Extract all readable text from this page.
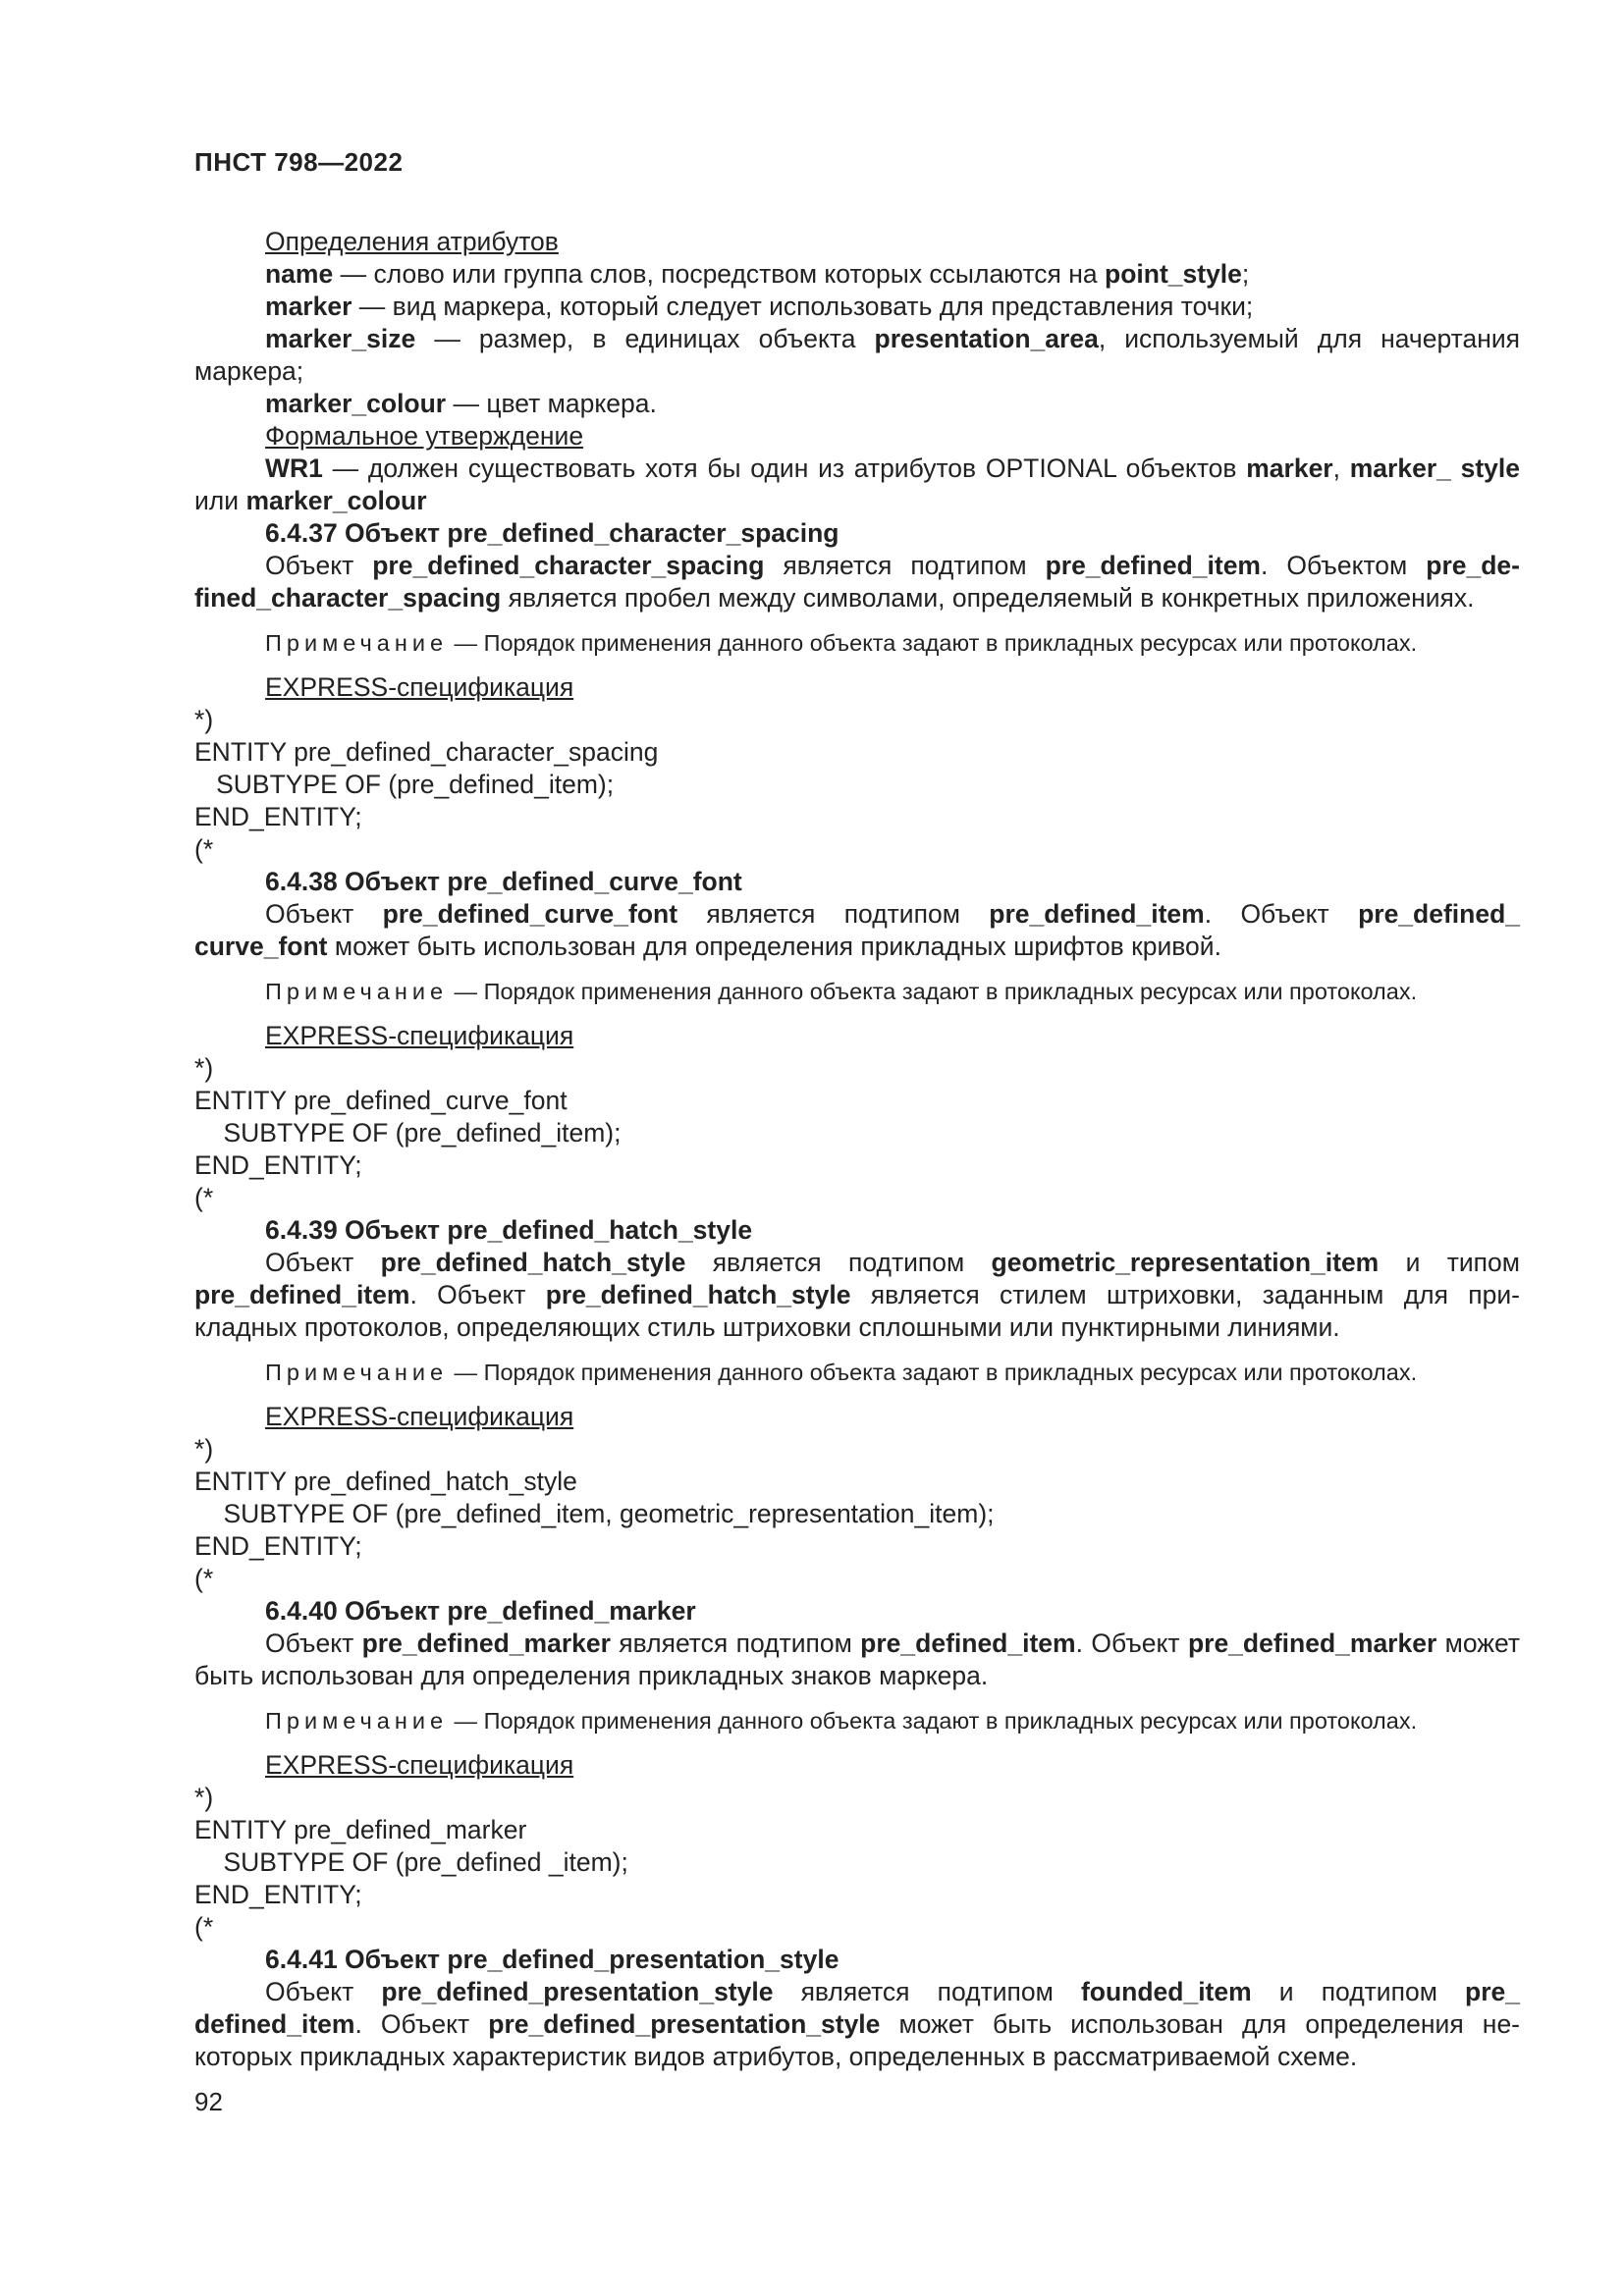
ПНСТ 798—2022

Определения атрибутов

name — слово или группа слов, посредством которых ссылаются на point_style;

marker — вид маркера, который следует использовать для представления точки;

marker_size — размер, в единицах объекта presentation_area, используемый для начертания маркера;

marker_colour — цвет маркера.

Формальное утверждение

WR1 — должен существовать хотя бы один из атрибутов OPTIONAL объектов marker, marker_ style или marker_colour

6.4.37 Объект pre_defined_character_spacing

Объект pre_defined_character_spacing является подтипом pre_defined_item. Объектом pre_de-fined_character_spacing является пробел между символами, определяемый в конкретных приложениях.

Примечание — Порядок применения данного объекта задают в прикладных ресурсах или протоколах.

EXPRESS-спецификация

*)

ENTITY pre_defined_character_spacing

SUBTYPE OF (pre_defined_item);

END_ENTITY;

(*

6.4.38 Объект pre_defined_curve_font

Объект pre_defined_curve_font является подтипом pre_defined_item. Объект pre_defined_ curve_font может быть использован для определения прикладных шрифтов кривой.

Примечание — Порядок применения данного объекта задают в прикладных ресурсах или протоколах.

EXPRESS-спецификация

*)

ENTITY pre_defined_curve_font

SUBTYPE OF (pre_defined_item);

END_ENTITY;

(*

6.4.39 Объект pre_defined_hatch_style

Объект pre_defined_hatch_style является подтипом geometric_representation_item и типом pre_defined_item. Объект pre_defined_hatch_style является стилем штриховки, заданным для при-кладных протоколов, определяющих стиль штриховки сплошными или пунктирными линиями.

Примечание — Порядок применения данного объекта задают в прикладных ресурсах или протоколах.

EXPRESS-спецификация

*)

ENTITY pre_defined_hatch_style

SUBTYPE OF (pre_defined_item, geometric_representation_item);

END_ENTITY;

(*

6.4.40 Объект pre_defined_marker

Объект pre_defined_marker является подтипом pre_defined_item. Объект pre_defined_marker может быть использован для определения прикладных знаков маркера.

Примечание — Порядок применения данного объекта задают в прикладных ресурсах или протоколах.

EXPRESS-спецификация

*)

ENTITY pre_defined_marker

SUBTYPE OF (pre_defined _item);

END_ENTITY;

(*

6.4.41 Объект pre_defined_presentation_style

Объект pre_defined_presentation_style является подтипом founded_item и подтипом pre_ defined_item. Объект pre_defined_presentation_style может быть использован для определения не-которых прикладных характеристик видов атрибутов, определенных в рассматриваемой схеме.

92
